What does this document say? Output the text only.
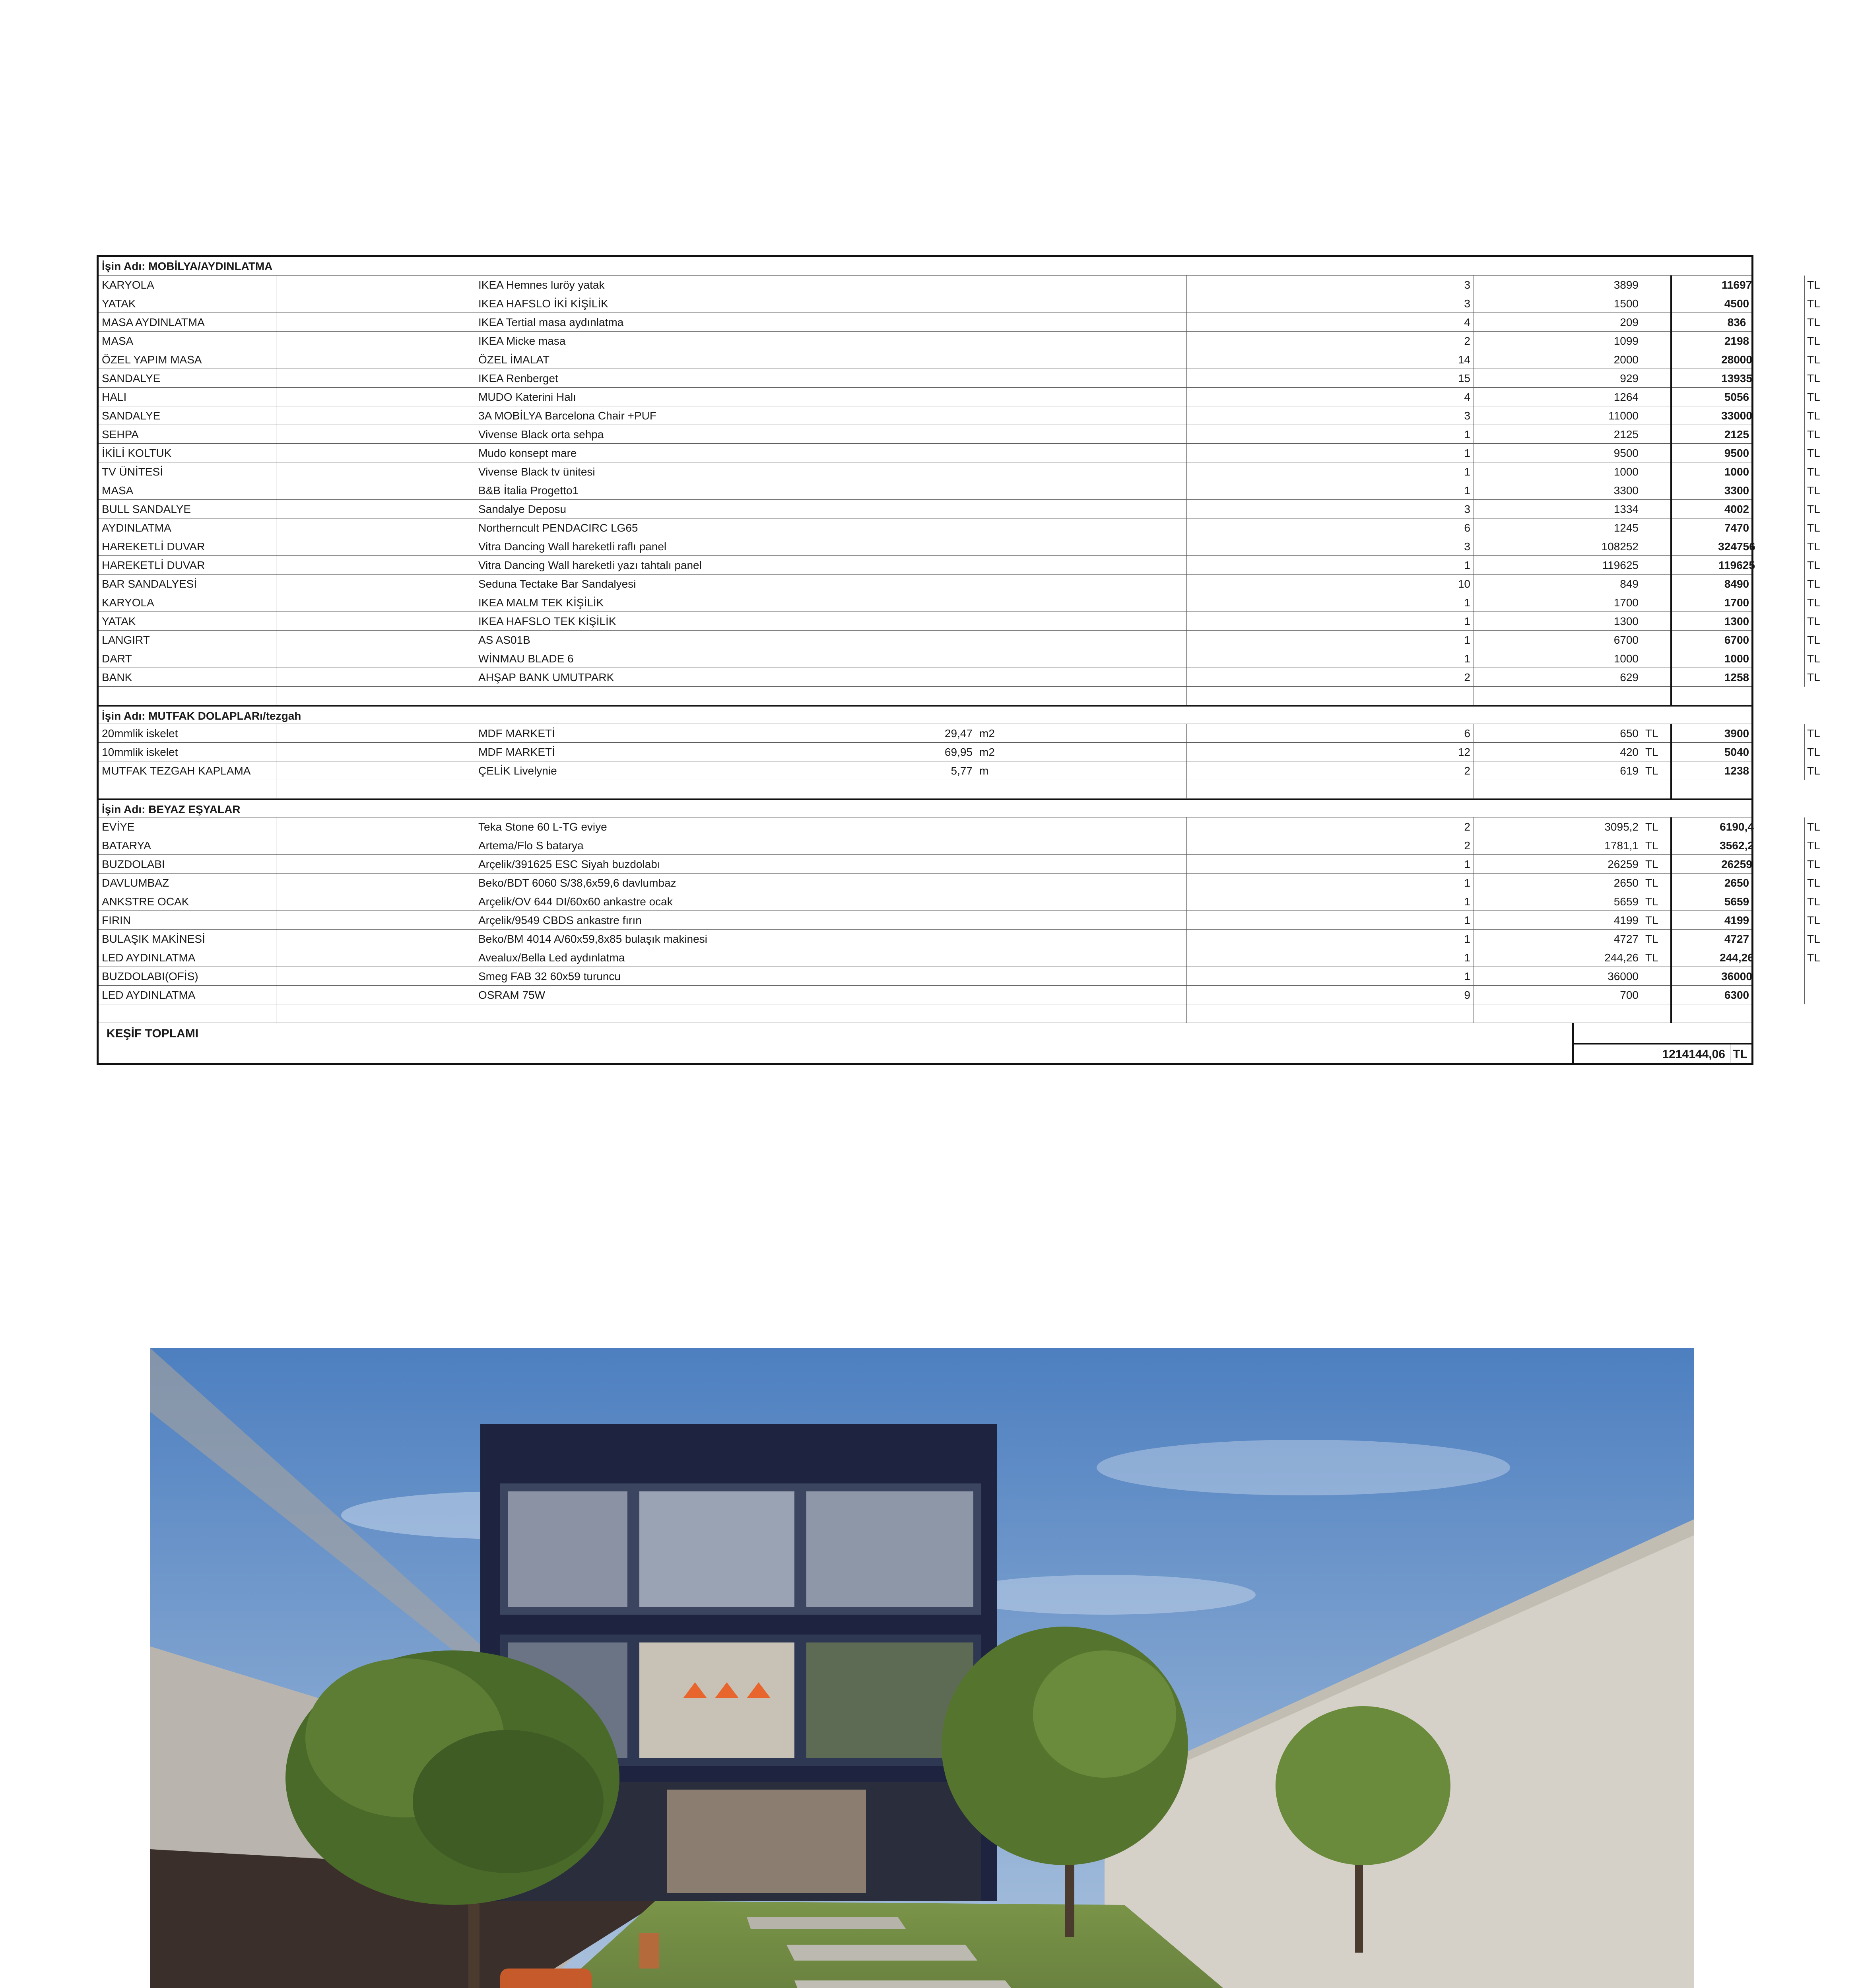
İşin Adı: MOBİLYA/AYDINLATMA
KARYOLA	IKEA Hemnes luröy yatak	3	3899	11697	TL
YATAK	IKEA HAFSLO İKİ KİŞİLİK	3	1500	4500	TL
MASA AYDINLATMA	IKEA Tertial masa aydınlatma	4	209	836	TL
MASA	IKEA Micke masa	2	1099	2198	TL
ÖZEL YAPIM MASA	ÖZEL İMALAT	14	2000	28000	TL
SANDALYE	IKEA Renberget	15	929	13935	TL
HALI	MUDO Katerini Halı	4	1264	5056	TL
SANDALYE	3A MOBİLYA Barcelona Chair +PUF	3	11000	33000	TL
SEHPA	Vivense Black orta sehpa	1	2125	2125	TL
İKİLİ KOLTUK	Mudo konsept mare	1	9500	9500	TL
TV ÜNİTESİ	Vivense Black tv ünitesi	1	1000	1000	TL
MASA	B&B İtalia Progetto1	1	3300	3300	TL
BULL SANDALYE	Sandalye Deposu	3	1334	4002	TL
AYDINLATMA	Northerncult PENDACIRC LG65	6	1245	7470	TL
HAREKETLİ DUVAR	Vitra Dancing Wall hareketli raflı panel	3	108252	324756	TL
HAREKETLİ DUVAR	Vitra Dancing Wall hareketli yazı tahtalı panel	1	119625	119625	TL
BAR SANDALYESİ	Seduna Tectake Bar Sandalyesi	10	849	8490	TL
KARYOLA	IKEA MALM TEK KİŞİLİK	1	1700	1700	TL
YATAK	IKEA HAFSLO TEK KİŞİLİK	1	1300	1300	TL
LANGIRT	AS AS01B	1	6700	6700	TL
DART	WİNMAU BLADE 6	1	1000	1000	TL
BANK	AHŞAP BANK UMUTPARK	2	629	1258	TL
İşin Adı: MUTFAK DOLAPLARı/tezgah
20mmlik iskelet	MDF MARKETİ	29,47 m2	6	650 TL	3900	TL
10mmlik iskelet	MDF MARKETİ	69,95 m2	12	420 TL	5040	TL
MUTFAK TEZGAH KAPLAMA	ÇELİK Livelynie	5,77 m	2	619 TL	1238	TL
İşin Adı: BEYAZ EŞYALAR
EVİYE	Teka Stone 60 L-TG eviye	2	3095,2 TL	6190,4	TL
BATARYA	Artema/Flo S batarya	2	1781,1 TL	3562,2	TL
BUZDOLABI	Arçelik/391625 ESC Siyah buzdolabı	1	26259 TL	26259	TL
DAVLUMBAZ	Beko/BDT 6060 S/38,6x59,6 davlumbaz	1	2650 TL	2650	TL
ANKSTRE OCAK	Arçelik/OV 644 DI/60x60 ankastre ocak	1	5659 TL	5659	TL
FIRIN	Arçelik/9549 CBDS ankastre fırın	1	4199 TL	4199	TL
BULAŞIK MAKİNESİ	Beko/BM 4014 A/60x59,8x85 bulaşık makinesi	1	4727 TL	4727	TL
LED AYDINLATMA	Avealux/Bella Led aydınlatma	1	244,26 TL	244,26	TL
BUZDOLABI(OFİS)	Smeg FAB 32 60x59 turuncu	1	36000	36000
LED AYDINLATMA	OSRAM 75W	9	700	6300
KEŞİF TOPLAMI
1214144,06 TL
